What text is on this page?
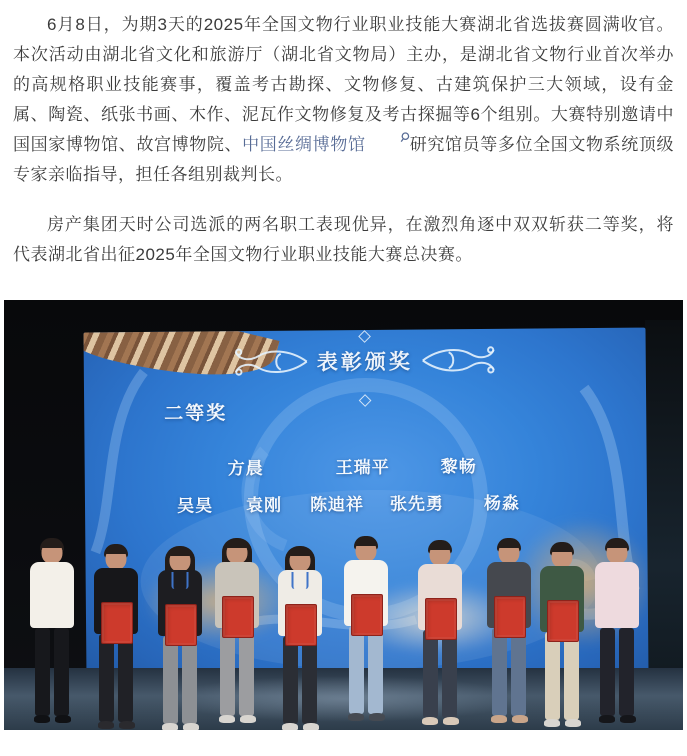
6月8日，为期3天的2025年全国文物行业职业技能大赛湖北省选拔赛圆满收官。本次活动由湖北省文化和旅游厅（湖北省文物局）主办，是湖北省文物行业首次举办的高规格职业技能赛事，覆盖考古勘探、文物修复、古建筑保护三大领域，设有金属、陶瓷、纸张书画、木作、泥瓦作文物修复及考古探掘等6个组别。大赛特别邀请中国国家博物馆、故宫博物院、中国丝绸博物馆	研究馆员等多位全国文物系统顶级专家亲临指导，担任各组别裁判长。

房产集团天时公司选派的两名职工表现优异，在激烈角逐中双双斩获二等奖，将代表湖北省出征2025年全国文物行业职业技能大赛总决赛。

表彰颁奖
二等奖
方晨	王瑞平	黎畅
吴昊 袁刚 陈迪祥 张先勇 杨淼
